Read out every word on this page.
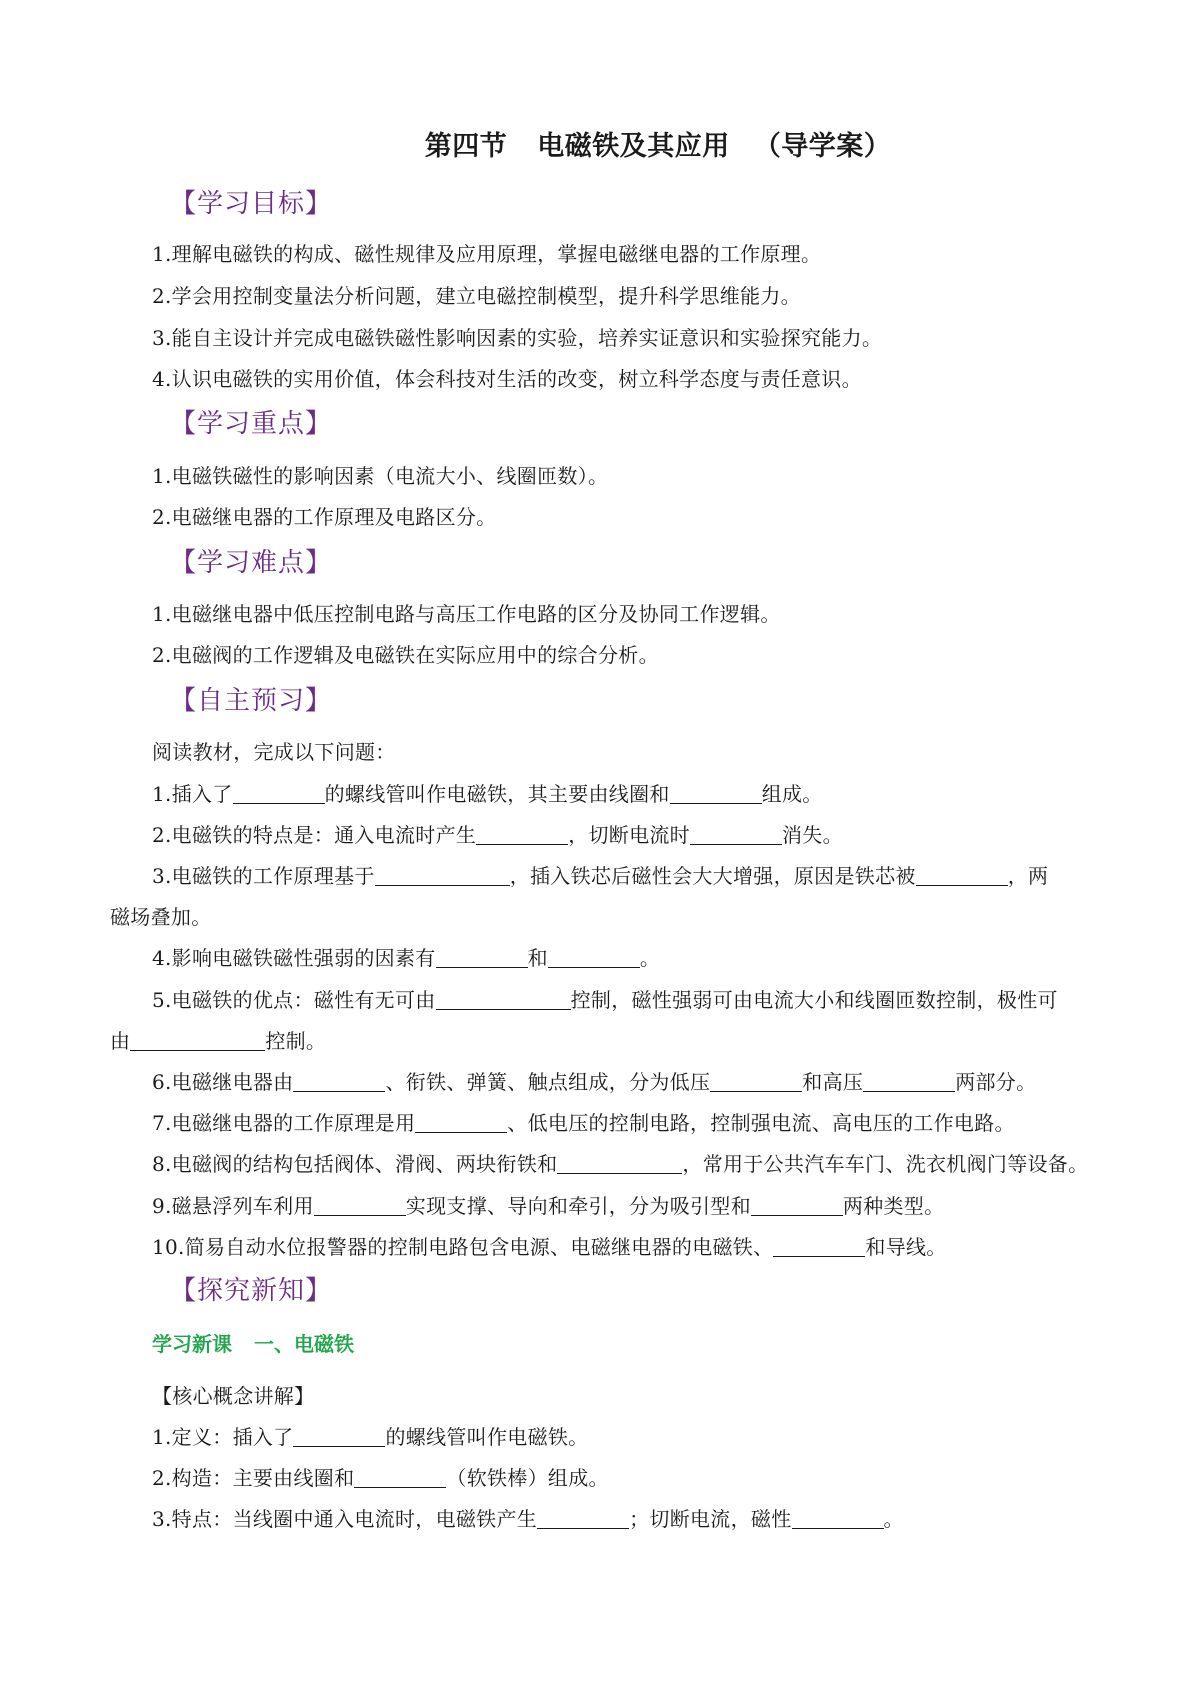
第四节 电磁铁及其应用 （导学案）
【学习目标】
1.理解电磁铁的构成、磁性规律及应用原理，掌握电磁继电器的工作原理。
2.学会用控制变量法分析问题，建立电磁控制模型，提升科学思维能力。
3.能自主设计并完成电磁铁磁性影响因素的实验，培养实证意识和实验探究能力。
4.认识电磁铁的实用价值，体会科技对生活的改变，树立科学态度与责任意识。
【学习重点】
1.电磁铁磁性的影响因素（电流大小、线圈匝数）。
2.电磁继电器的工作原理及电路区分。
【学习难点】
1.电磁继电器中低压控制电路与高压工作电路的区分及协同工作逻辑。
2.电磁阀的工作逻辑及电磁铁在实际应用中的综合分析。
【自主预习】
阅读教材，完成以下问题：
1.插入了	的螺线管叫作电磁铁，其主要由线圈和	组成。
2.电磁铁的特点是：通入电流时产生	，切断电流时	消失。
3.电磁铁的工作原理基于	，插入铁芯后磁性会大大增强，原因是铁芯被	，两
磁场叠加。
4.影响电磁铁磁性强弱的因素有	和	。
5.电磁铁的优点：磁性有无可由	控制，磁性强弱可由电流大小和线圈匝数控制，极性可
由	控制。
6.电磁继电器由	、衔铁、弹簧、触点组成，分为低压	和高压	两部分。
7.电磁继电器的工作原理是用	、低电压的控制电路，控制强电流、高电压的工作电路。
8.电磁阀的结构包括阀体、滑阀、两块衔铁和	，常用于公共汽车车门、洗衣机阀门等设备。
9.磁悬浮列车利用	实现支撑、导向和牵引，分为吸引型和	两种类型。
10.简易自动水位报警器的控制电路包含电源、电磁继电器的电磁铁、	和导线。
【探究新知】
学习新课 一、电磁铁
【核心概念讲解】
1.定义：插入了	的螺线管叫作电磁铁。
2.构造：主要由线圈和	（软铁棒）组成。
3.特点：当线圈中通入电流时，电磁铁产生	；切断电流，磁性	。
